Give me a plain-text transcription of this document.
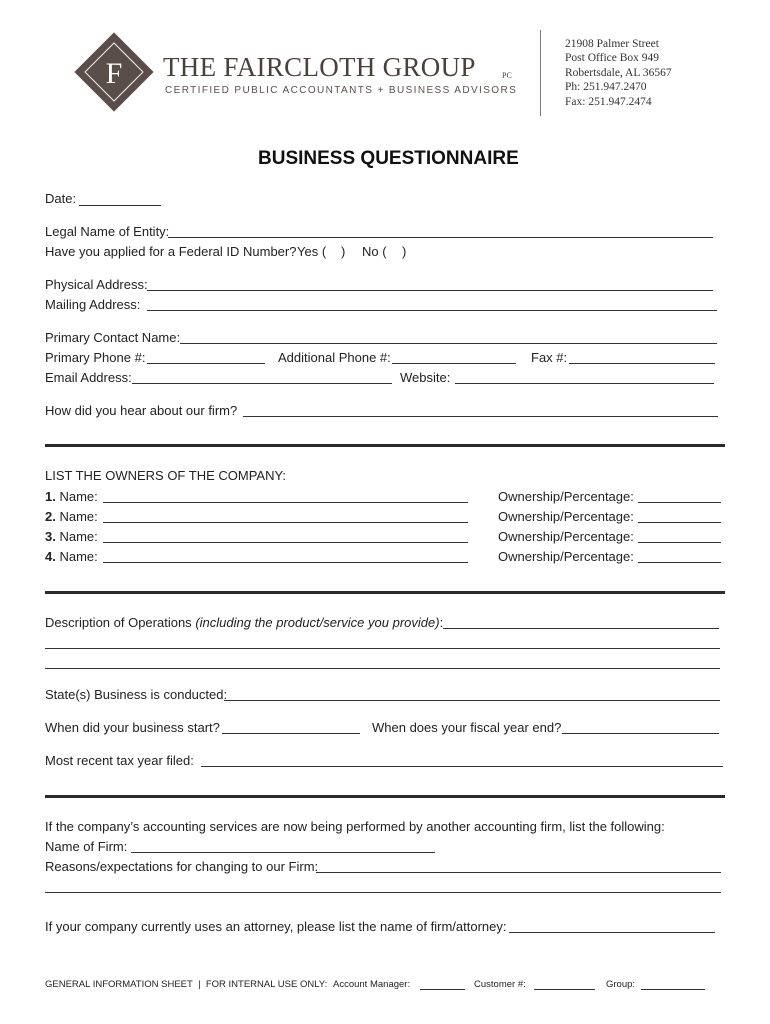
F THE FAIRCLOTH GROUP	PC
CERTIFIED PUBLIC ACCOUNTANTS + BUSINESS ADVISORS
21908 Palmer Street
Post Office Box 949
Robertsdale, AL 36567
Ph: 251.947.2470
Fax: 251.947.2474
BUSINESS QUESTIONNAIRE
Date:
Legal Name of Entity:
Have you applied for a Federal ID Number? Yes ( ) No ( )
Physical Address:
Mailing Address:
Primary Contact Name:
Primary Phone #:	Additional Phone #:	Fax #:
Email Address:	Website:
How did you hear about our firm?
LIST THE OWNERS OF THE COMPANY:
1. Name:	Ownership/Percentage:
2. Name:	Ownership/Percentage:
3. Name:	Ownership/Percentage:
4. Name:	Ownership/Percentage:
Description of Operations (including the product/service you provide):
State(s) Business is conducted:
When did your business start?	When does your fiscal year end?
Most recent tax year filed:
If the company’s accounting services are now being performed by another accounting firm, list the following:
Name of Firm:
Reasons/expectations for changing to our Firm:
If your company currently uses an attorney, please list the name of firm/attorney:
GENERAL INFORMATION SHEET | FOR INTERNAL USE ONLY: Account Manager:	Customer #:	Group:
